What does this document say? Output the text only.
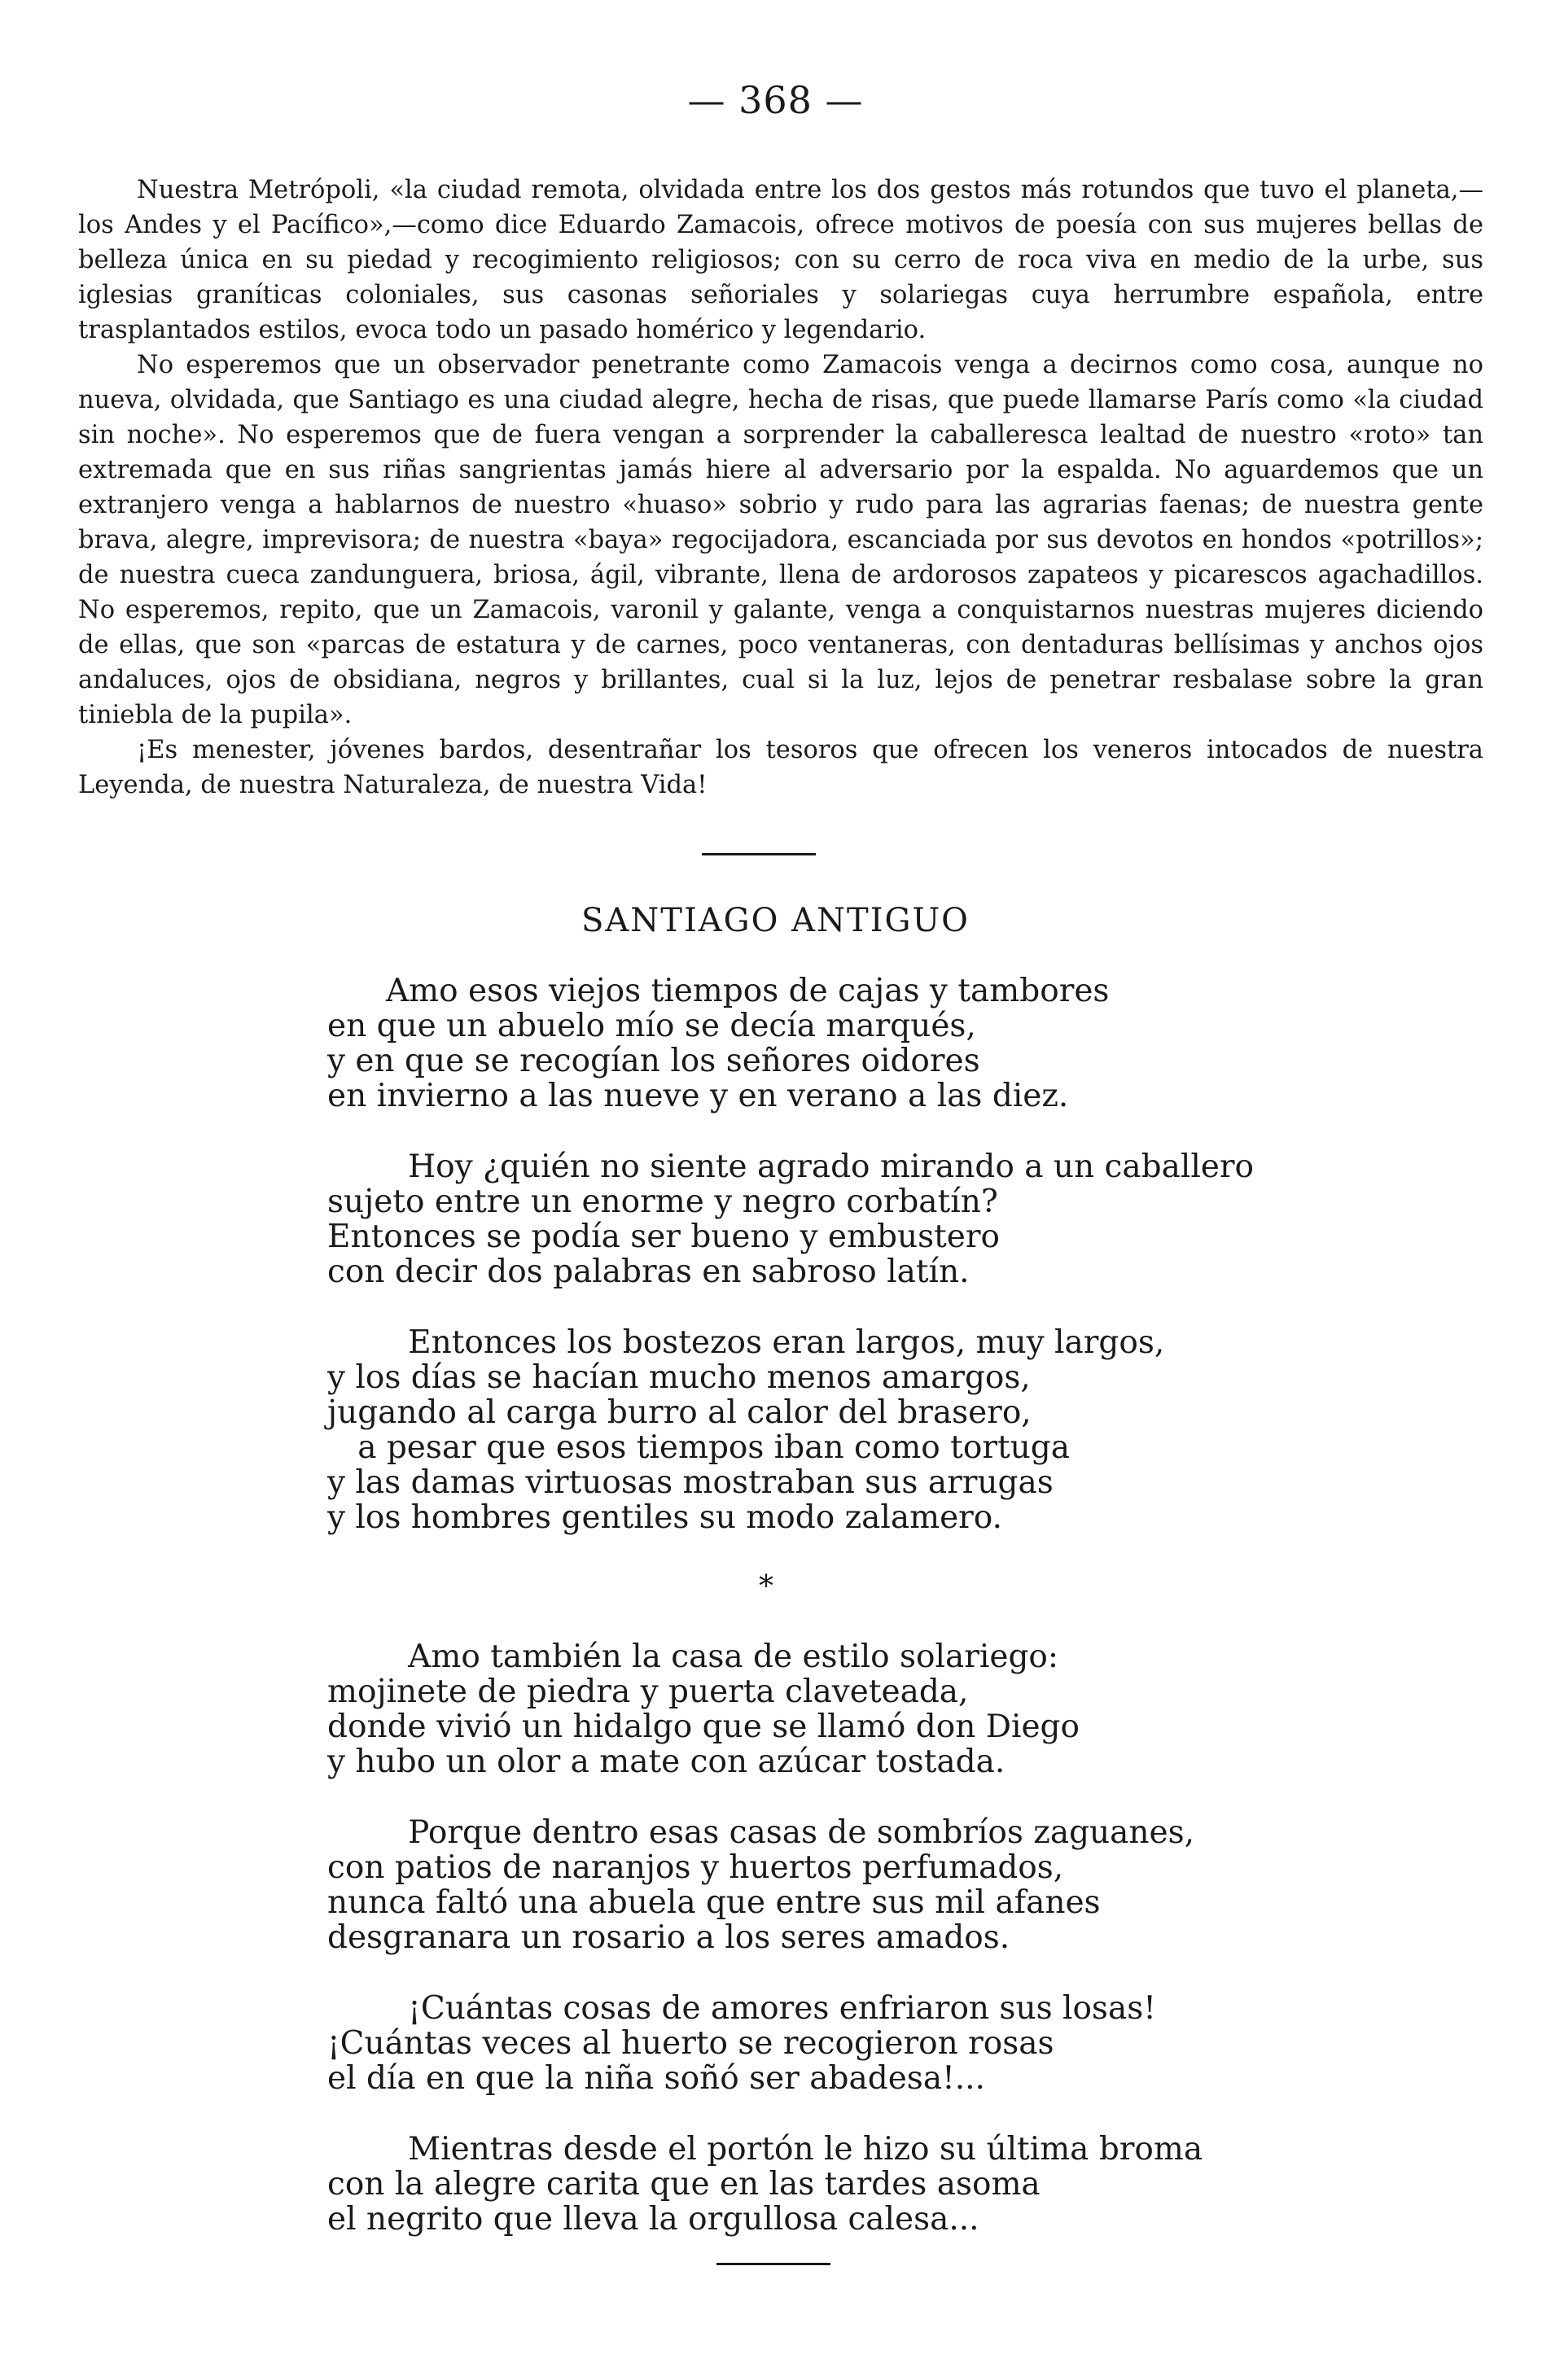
— 368 —

Nuestra Metrópoli, «la ciudad remota, olvidada entre los dos gestos más rotundos que tuvo el planeta,—los Andes y el Pacífico»,—como dice Eduardo Zamacois, ofrece motivos de poesía con sus mujeres bellas de belleza única en su piedad y recogimiento religiosos; con su cerro de roca viva en medio de la urbe, sus iglesias graníticas coloniales, sus casonas señoriales y solariegas cuya herrumbre española, entre trasplantados estilos, evoca todo un pasado homérico y legendario.

No esperemos que un observador penetrante como Zamacois venga a decirnos como cosa, aunque no nueva, olvidada, que Santiago es una ciudad alegre, hecha de risas, que puede llamarse París como «la ciudad sin noche». No esperemos que de fuera vengan a sorprender la caballeresca lealtad de nuestro «roto» tan extremada que en sus riñas sangrientas jamás hiere al adversario por la espalda. No aguardemos que un extranjero venga a hablarnos de nuestro «huaso» sobrio y rudo para las agrarias faenas; de nuestra gente brava, alegre, imprevisora; de nuestra «baya» regocijadora, escanciada por sus devotos en hondos «potrillos»; de nuestra cueca zandunguera, briosa, ágil, vibrante, llena de ardorosos zapateos y picarescos agachadillos. No esperemos, repito, que un Zamacois, varonil y galante, venga a conquistarnos nuestras mujeres diciendo de ellas, que son «parcas de estatura y de carnes, poco ventaneras, con dentaduras bellísimas y anchos ojos andaluces, ojos de obsidiana, negros y brillantes, cual si la luz, lejos de penetrar resbalase sobre la gran tiniebla de la pupila».

¡Es menester, jóvenes bardos, desentrañar los tesoros que ofrecen los veneros intocados de nuestra Leyenda, de nuestra Naturaleza, de nuestra Vida!

SANTIAGO ANTIGUO
Amo esos viejos tiempos de cajas y tambores
en que un abuelo mío se decía marqués,
y en que se recogían los señores oidores
en invierno a las nueve y en verano a las diez.
Hoy ¿quién no siente agrado mirando a un caballero
sujeto entre un enorme y negro corbatín?
Entonces se podía ser bueno y embustero
con decir dos palabras en sabroso latín.
Entonces los bostezos eran largos, muy largos,
y los días se hacían mucho menos amargos,
jugando al carga burro al calor del brasero,
a pesar que esos tiempos iban como tortuga
y las damas virtuosas mostraban sus arrugas
y los hombres gentiles su modo zalamero.
*
Amo también la casa de estilo solariego:
mojinete de piedra y puerta claveteada,
donde vivió un hidalgo que se llamó don Diego
y hubo un olor a mate con azúcar tostada.
Porque dentro esas casas de sombríos zaguanes,
con patios de naranjos y huertos perfumados,
nunca faltó una abuela que entre sus mil afanes
desgranara un rosario a los seres amados.
¡Cuántas cosas de amores enfriaron sus losas!
¡Cuántas veces al huerto se recogieron rosas
el día en que la niña soñó ser abadesa!...
Mientras desde el portón le hizo su última broma
con la alegre carita que en las tardes asoma
el negrito que lleva la orgullosa calesa...
